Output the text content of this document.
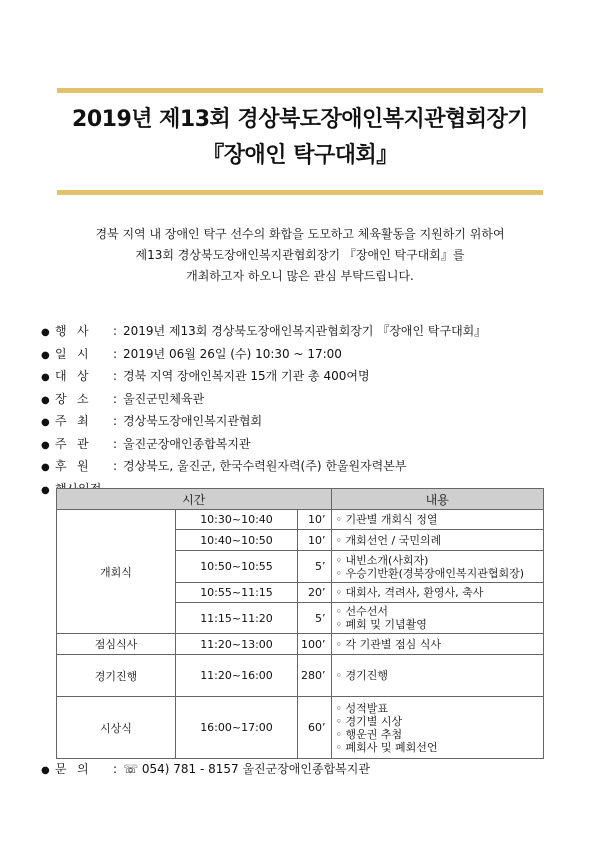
2019년 제13회 경상북도장애인복지관협회장기
『장애인 탁구대회』
경북 지역 내 장애인 탁구 선수의 화합을 도모하고 체육활동을 지원하기 위하여
제13회 경상북도장애인복지관협회장기 『장애인 탁구대회』를
개최하고자 하오니 많은 관심 부탁드립니다.
● 행 사 : 2019년 제13회 경상북도장애인복지관협회장기 『장애인 탁구대회』
● 일 시 : 2019년 06월 26일 (수) 10:30 ~ 17:00
● 대 상 : 경북 지역 장애인복지관 15개 기관 총 400여명
● 장 소 : 울진군민체육관
● 주 최 : 경상북도장애인복지관협회
● 주 관 : 울진군장애인종합복지관
● 후 원 : 경상북도, 울진군, 한국수력원자력(주) 한울원자력본부
●
시간			내용
개회식	10:30~10:40	10’	◦ 기관별 개회식 정열

	10:40~10:50	10’	◦ 개회선언 / 국민의례

	10:50~10:55	5’	◦ 내빈소개(사회자)
◦ 우승기반환(경북장애인복지관협회장)

	10:55~11:15	20’	◦ 대회사, 격려사, 환영사, 축사

	11:15~11:20	5’	◦ 선수선서
◦ 폐회 및 기념촬영

점심식사	11:20~13:00	100’	◦ 각 기관별 점심 식사

경기진행	11:20~16:00	280’	◦ 경기진행

시상식	16:00~17:00	60’	◦ 성적발표
◦ 경기별 시상
◦ 행운권 추첨
◦ 폐회사 및 폐회선언
● 문 의 : ☏ 054) 781 - 8157 울진군장애인종합복지관
